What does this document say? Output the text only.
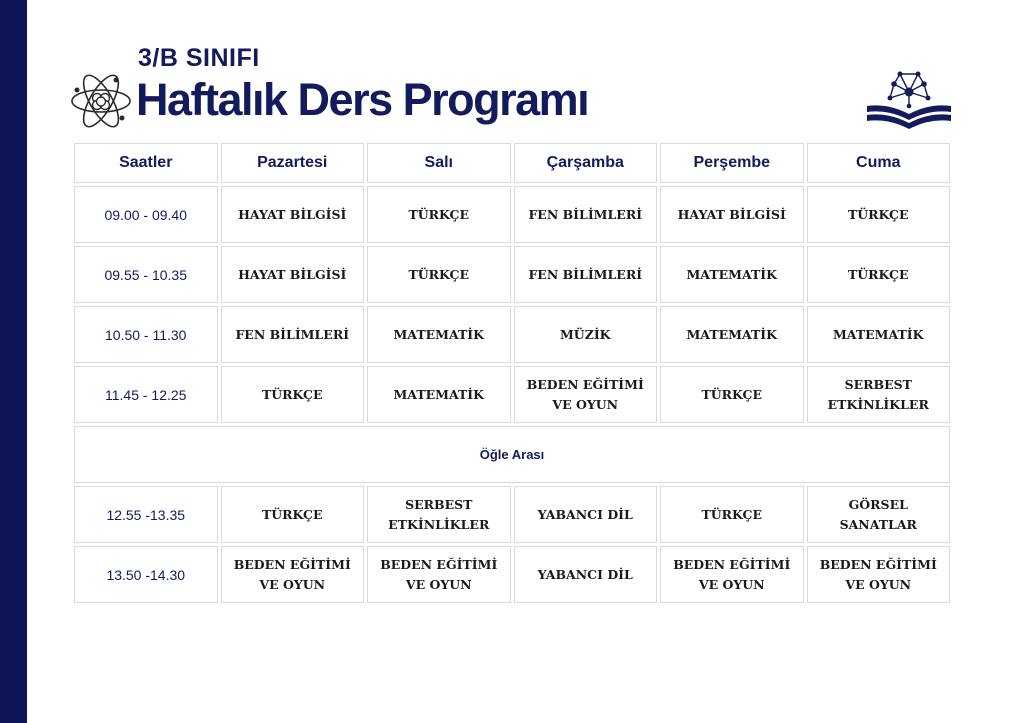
3/B SINIFI
Haftalık Ders Programı
Saatler	Pazartesi	Salı	Çarşamba	Perşembe	Cuma
09.00 - 09.40	HAYAT BİLGİSİ	TÜRKÇE	FEN BİLİMLERİ	HAYAT BİLGİSİ	TÜRKÇE
09.55 - 10.35	HAYAT BİLGİSİ	TÜRKÇE	FEN BİLİMLERİ	MATEMATİK	TÜRKÇE
10.50 - 11.30	FEN BİLİMLERİ	MATEMATİK	MÜZİK	MATEMATİK	MATEMATİK
11.45 - 12.25	TÜRKÇE	MATEMATİK	BEDEN EĞİTİMİ VE OYUN	TÜRKÇE	SERBEST ETKİNLİKLER
Öğle Arası					
12.55 -13.35	TÜRKÇE	SERBEST ETKİNLİKLER	YABANCI DİL	TÜRKÇE	GÖRSEL SANATLAR
13.50 -14.30	BEDEN EĞİTİMİ VE OYUN	BEDEN EĞİTİMİ VE OYUN	YABANCI DİL	BEDEN EĞİTİMİ VE OYUN	BEDEN EĞİTİMİ VE OYUN
